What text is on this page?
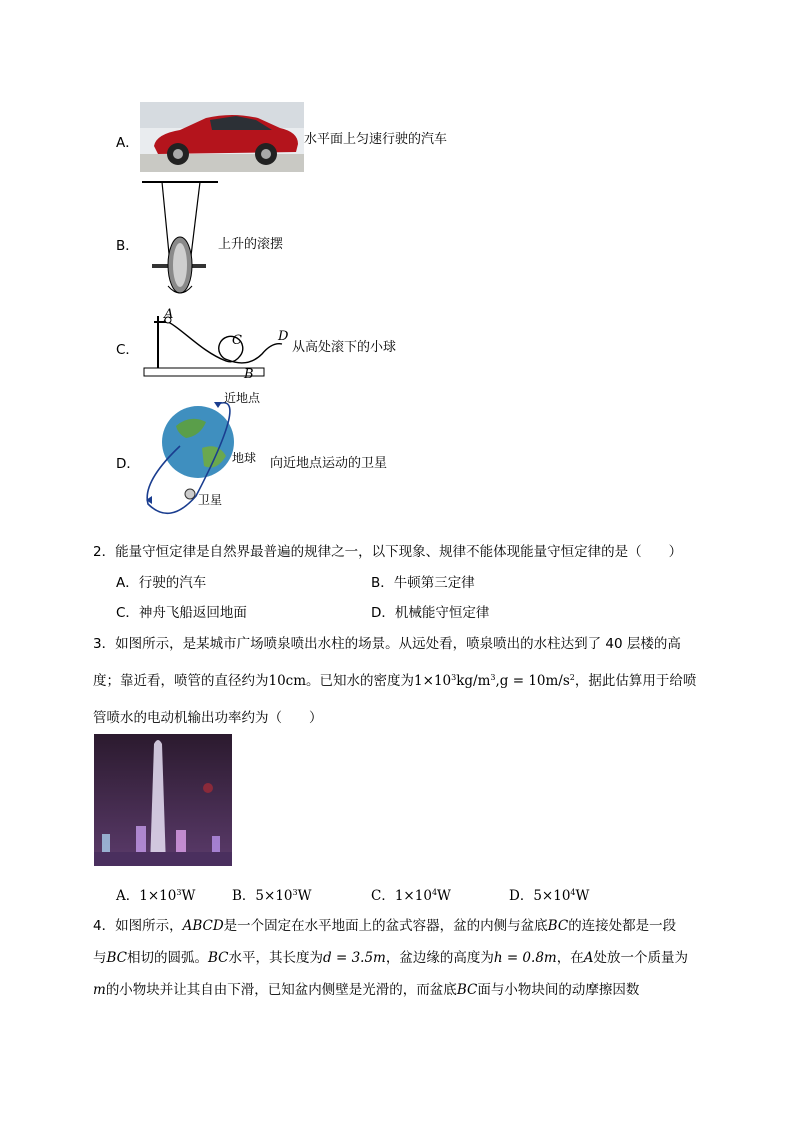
A．	水平面上匀速行驶的汽车
B．	上升的滚摆
C．
A
C	D
B
从高处滚下的小球
D．
近地点
地球
卫星
向近地点运动的卫星
2．能量守恒定律是自然界最普遍的规律之一，以下现象、规律不能体现能量守恒定律的是（　　）
A．行驶的汽车	B．牛顿第三定律
C．神舟飞船返回地面	D．机械能守恒定律
3．如图所示，是某城市广场喷泉喷出水柱的场景。从远处看，喷泉喷出的水柱达到了 40 层楼的高
度；靠近看，喷管的直径约为10cm。已知水的密度为$1\times 10^3kg/m^3,g = 10m/s^2$，据此估算用于给喷
管喷水的电动机输出功率约为（　　）
A．$1\times 10^3W$	B．$5\times 10^3W$	C．$1\times 10^4W$	D．$5\times 10^4W$
4．如图所示，ABCD是一个固定在水平地面上的盆式容器，盆的内侧与盆底BC的连接处都是一段
与BC相切的圆弧。BC水平，其长度为d = 3.5m，盆边缘的高度为h = 0.8m，在A处放一个质量为
m的小物块并让其自由下滑，已知盆内侧壁是光滑的，而盆底BC面与小物块间的动摩擦因数
